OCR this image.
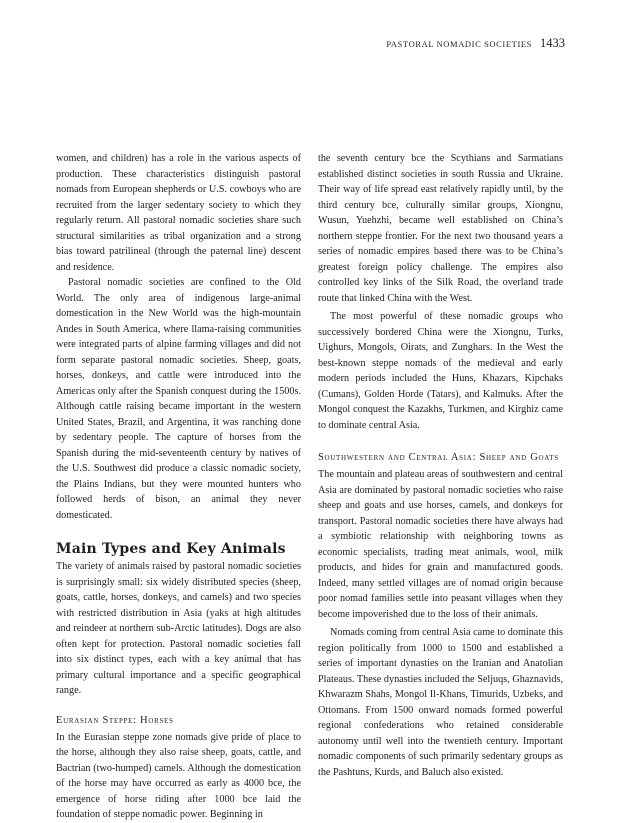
PASTORAL NOMADIC SOCIETIES 1433

women, and children) has a role in the various aspects of production. These characteristics distinguish pastoral nomads from European shepherds or U.S. cowboys who are recruited from the larger sedentary society to which they regularly return. All pastoral nomadic societies share such structural similarities as tribal organization and a strong bias toward patrilineal (through the paternal line) descent and residence.

Pastoral nomadic societies are confined to the Old World. The only area of indigenous large-animal domestication in the New World was the high-mountain Andes in South America, where llama-raising communities were integrated parts of alpine farming villages and did not form separate pastoral nomadic societies. Sheep, goats, horses, donkeys, and cattle were introduced into the Americas only after the Spanish conquest during the 1500s. Although cattle raising became important in the western United States, Brazil, and Argentina, it was ranching done by sedentary people. The capture of horses from the Spanish during the mid-seventeenth century by natives of the U.S. Southwest did produce a classic nomadic society, the Plains Indians, but they were mounted hunters who followed herds of bison, an animal they never domesticated.

Main Types and Key Animals

The variety of animals raised by pastoral nomadic societies is surprisingly small: six widely distributed species (sheep, goats, cattle, horses, donkeys, and camels) and two species with restricted distribution in Asia (yaks at high altitudes and reindeer at northern sub-Arctic latitudes). Dogs are also often kept for protection. Pastoral nomadic societies fall into six distinct types, each with a key animal that has primary cultural importance and a specific geographical range.

Eurasian Steppe: Horses

In the Eurasian steppe zone nomads give pride of place to the horse, although they also raise sheep, goats, cattle, and Bactrian (two-humped) camels. Although the domestication of the horse may have occurred as early as 4000 bce, the emergence of horse riding after 1000 bce laid the foundation of steppe nomadic power. Beginning in

the seventh century bce the Scythians and Sarmatians established distinct societies in south Russia and Ukraine. Their way of life spread east relatively rapidly until, by the third century bce, culturally similar groups, Xiongnu, Wusun, Yuehzhi, became well established on China’s northern steppe frontier. For the next two thousand years a series of nomadic empires based there was to be China’s greatest foreign policy challenge. The empires also controlled key links of the Silk Road, the overland trade route that linked China with the West.

The most powerful of these nomadic groups who successively bordered China were the Xiongnu, Turks, Uighurs, Mongols, Oirats, and Zunghars. In the West the best-known steppe nomads of the medieval and early modern periods included the Huns, Khazars, Kipchaks (Cumans), Golden Horde (Tatars), and Kalmuks. After the Mongol conquest the Kazakhs, Turkmen, and Kirghiz came to dominate central Asia.

Southwestern and Central Asia: Sheep and Goats

The mountain and plateau areas of southwestern and central Asia are dominated by pastoral nomadic societies who raise sheep and goats and use horses, camels, and donkeys for transport. Pastoral nomadic societies there have always had a symbiotic relationship with neighboring towns as economic specialists, trading meat animals, wool, milk products, and hides for grain and manufactured goods. Indeed, many settled villages are of nomad origin because poor nomad families settle into peasant villages when they become impoverished due to the loss of their animals.

Nomads coming from central Asia came to dominate this region politically from 1000 to 1500 and established a series of important dynasties on the Iranian and Anatolian Plateaus. These dynasties included the Seljuqs, Ghaznavids, Khwarazm Shahs, Mongol Il-Khans, Timurids, Uzbeks, and Ottomans. From 1500 onward nomads formed powerful regional confederations who retained considerable autonomy until well into the twentieth century. Important nomadic components of such primarily sedentary groups as the Pashtuns, Kurds, and Baluch also existed.
